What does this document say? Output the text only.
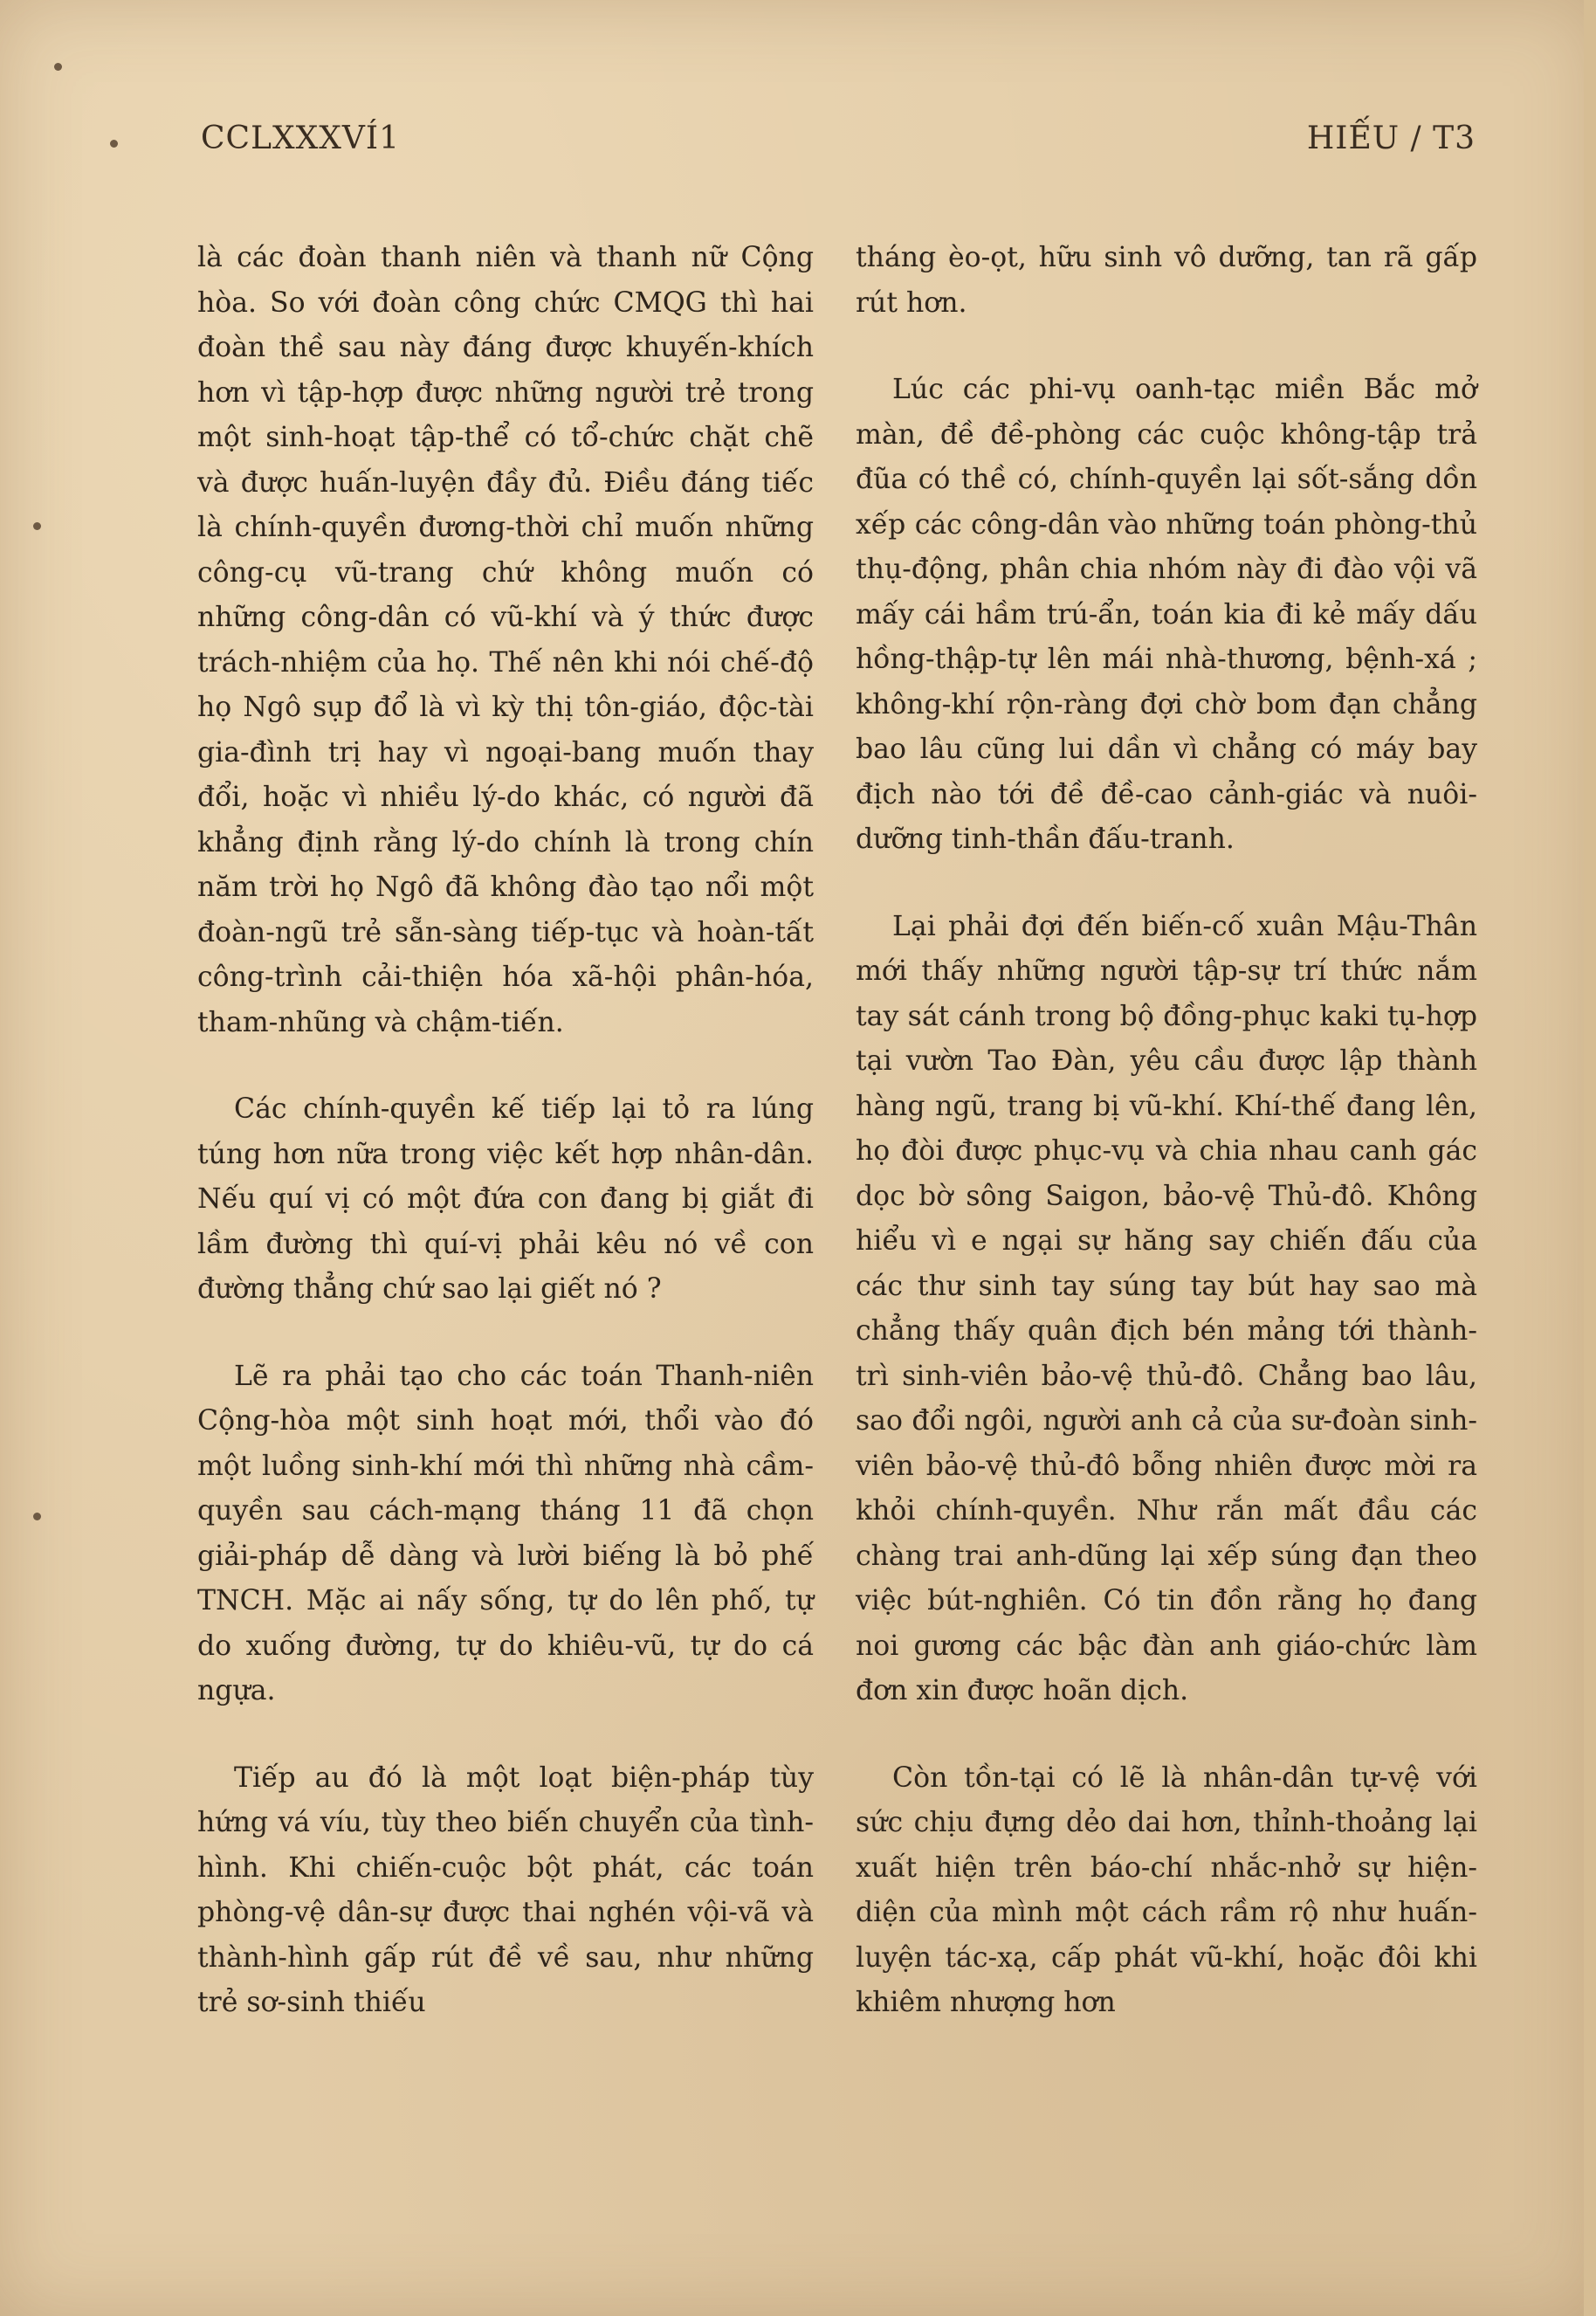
CCLXXXVÍ1	HIẾU / T3

là các đoàn thanh niên và thanh nữ Cộng hòa. So với đoàn công chức CMQG thì hai đoàn thề sau này đáng được khuyến-khích hơn vì tập-hợp được những người trẻ trong một sinh-hoạt tập-thể có tổ-chức chặt chẽ và được huấn-luyện đầy đủ. Điều đáng tiếc là chính-quyền đương-thời chỉ muốn những công-cụ vũ-trang chứ không muốn có những công-dân có vũ-khí và ý thức được trách-nhiệm của họ. Thế nên khi nói chế-độ họ Ngô sụp đổ là vì kỳ thị tôn-giáo, độc-tài gia-đình trị hay vì ngoại-bang muốn thay đổi, hoặc vì nhiều lý-do khác, có người đã khẳng định rằng lý-do chính là trong chín năm trời họ Ngô đã không đào tạo nổi một đoàn-ngũ trẻ sẵn-sàng tiếp-tục và hoàn-tất công-trình cải-thiện hóa xã-hội phân-hóa, tham-nhũng và chậm-tiến.

Các chính-quyền kế tiếp lại tỏ ra lúng túng hơn nữa trong việc kết hợp nhân-dân. Nếu quí vị có một đứa con đang bị giắt đi lầm đường thì quí-vị phải kêu nó về con đường thẳng chứ sao lại giết nó ?

Lẽ ra phải tạo cho các toán Thanh-niên Cộng-hòa một sinh hoạt mới, thổi vào đó một luồng sinh-khí mới thì những nhà cầm-quyền sau cách-mạng tháng 11 đã chọn giải-pháp dễ dàng và lười biếng là bỏ phế TNCH. Mặc ai nấy sống, tự do lên phố, tự do xuống đường, tự do khiêu-vũ, tự do cá ngựa.

Tiếp au đó là một loạt biện-pháp tùy hứng vá víu, tùy theo biến chuyển của tình-hình. Khi chiến-cuộc bột phát, các toán phòng-vệ dân-sự được thai nghén vội-vã và thành-hình gấp rút đề về sau, như những trẻ sơ-sinh thiếu

tháng èo-ọt, hữu sinh vô dưỡng, tan rã gấp rút hơn.

Lúc các phi-vụ oanh-tạc miền Bắc mở màn, đề đề-phòng các cuộc không-tập trả đũa có thề có, chính-quyền lại sốt-sắng dồn xếp các công-dân vào những toán phòng-thủ thụ-động, phân chia nhóm này đi đào vội vã mấy cái hầm trú-ẩn, toán kia đi kẻ mấy dấu hồng-thập-tự lên mái nhà-thương, bệnh-xá ; không-khí rộn-ràng đợi chờ bom đạn chẳng bao lâu cũng lui dần vì chẳng có máy bay địch nào tới đề đề-cao cảnh-giác và nuôi-dưỡng tinh-thần đấu-tranh.

Lại phải đợi đến biến-cố xuân Mậu-Thân mới thấy những người tập-sự trí thức nắm tay sát cánh trong bộ đồng-phục kaki tụ-hợp tại vườn Tao Đàn, yêu cầu được lập thành hàng ngũ, trang bị vũ-khí. Khí-thế đang lên, họ đòi được phục-vụ và chia nhau canh gác dọc bờ sông Saigon, bảo-vệ Thủ-đô. Không hiểu vì e ngại sự hăng say chiến đấu của các thư sinh tay súng tay bút hay sao mà chẳng thấy quân địch bén mảng tới thành-trì sinh-viên bảo-vệ thủ-đô. Chẳng bao lâu, sao đổi ngôi, người anh cả của sư-đoàn sinh-viên bảo-vệ thủ-đô bỗng nhiên được mời ra khỏi chính-quyền. Như rắn mất đầu các chàng trai anh-dũng lại xếp súng đạn theo việc bút-nghiên. Có tin đồn rằng họ đang noi gương các bậc đàn anh giáo-chức làm đơn xin được hoãn dịch.

Còn tồn-tại có lẽ là nhân-dân tự-vệ với sức chịu đựng dẻo dai hơn, thỉnh-thoảng lại xuất hiện trên báo-chí nhắc-nhở sự hiện-diện của mình một cách rầm rộ như huấn-luyện tác-xạ, cấp phát vũ-khí, hoặc đôi khi khiêm nhượng hơn
